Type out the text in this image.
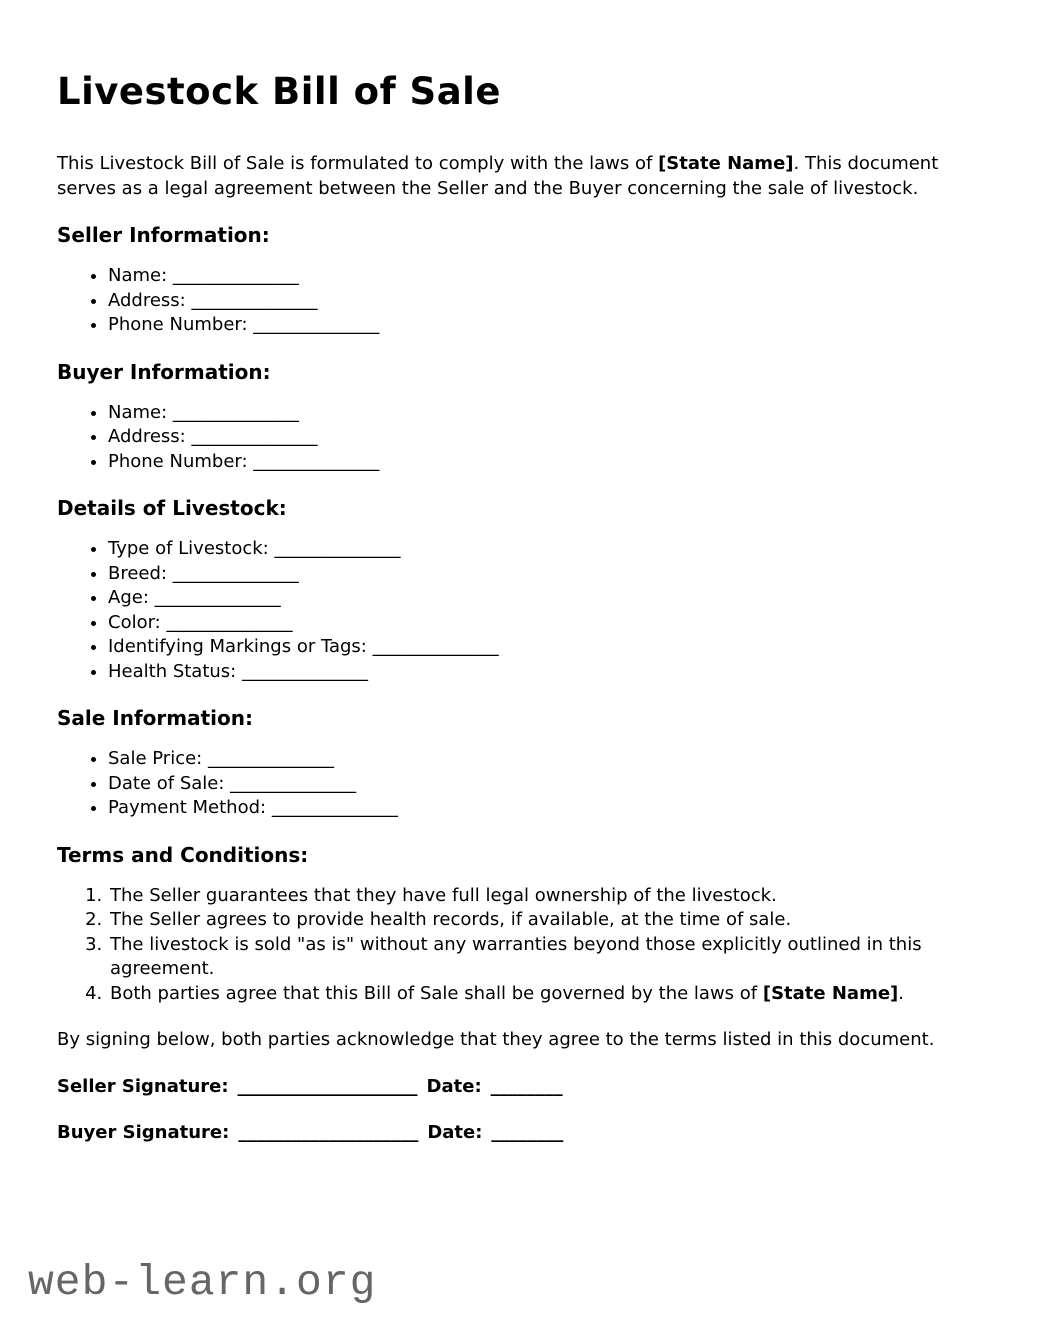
Livestock Bill of Sale

This Livestock Bill of Sale is formulated to comply with the laws of [State Name]. This document serves as a legal agreement between the Seller and the Buyer concerning the sale of livestock.

Seller Information:
• Name: ______________
• Address: ______________
• Phone Number: ______________
Buyer Information:
• Name: ______________
• Address: ______________
• Phone Number: ______________
Details of Livestock:
• Type of Livestock: ______________
• Breed: ______________
• Age: ______________
• Color: ______________
• Identifying Markings or Tags: ______________
• Health Status: ______________
Sale Information:
• Sale Price: ______________
• Date of Sale: ______________
• Payment Method: ______________
Terms and Conditions:
1. The Seller guarantees that they have full legal ownership of the livestock.
2. The Seller agrees to provide health records, if available, at the time of sale.
3. The livestock is sold "as is" without any warranties beyond those explicitly outlined in this agreement.
4. Both parties agree that this Bill of Sale shall be governed by the laws of [State Name].

By signing below, both parties acknowledge that they agree to the terms listed in this document.

Seller Signature: ____________________ Date: ________

Buyer Signature: ____________________ Date: ________

web-learn.org
